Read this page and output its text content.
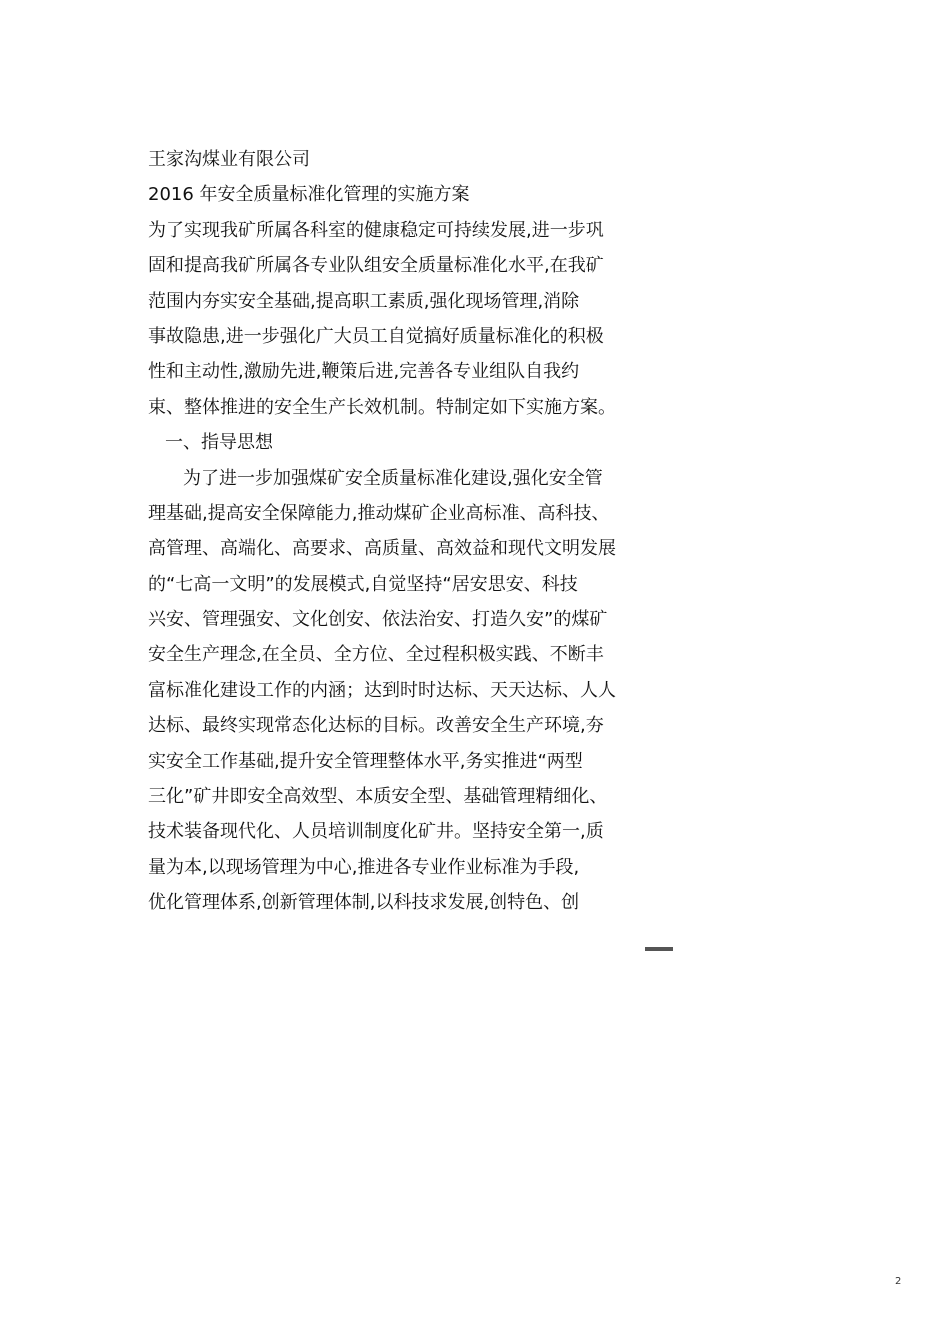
王家沟煤业有限公司
2016 年安全质量标准化管理的实施方案
为了实现我矿所属各科室的健康稳定可持续发展,进一步巩
固和提高我矿所属各专业队组安全质量标准化水平,在我矿
范围内夯实安全基础,提高职工素质,强化现场管理,消除
事故隐患,进一步强化广大员工自觉搞好质量标准化的积极
性和主动性,激励先进,鞭策后进,完善各专业组队自我约
束、整体推进的安全生产长效机制。特制定如下实施方案。
一、指导思想
为了进一步加强煤矿安全质量标准化建设,强化安全管
理基础,提高安全保障能力,推动煤矿企业高标准、高科技、
高管理、高端化、高要求、高质量、高效益和现代文明发展
的“七高一文明”的发展模式,自觉坚持“居安思安、科技
兴安、管理强安、文化创安、依法治安、打造久安”的煤矿
安全生产理念,在全员、全方位、全过程积极实践、不断丰
富标准化建设工作的内涵；达到时时达标、天天达标、人人
达标、最终实现常态化达标的目标。改善安全生产环境,夯
实安全工作基础,提升安全管理整体水平,务实推进“两型
三化”矿井即安全高效型、本质安全型、基础管理精细化、
技术装备现代化、人员培训制度化矿井。坚持安全第一,质
量为本,以现场管理为中心,推进各专业作业标准为手段,
优化管理体系,创新管理体制,以科技求发展,创特色、创
2
